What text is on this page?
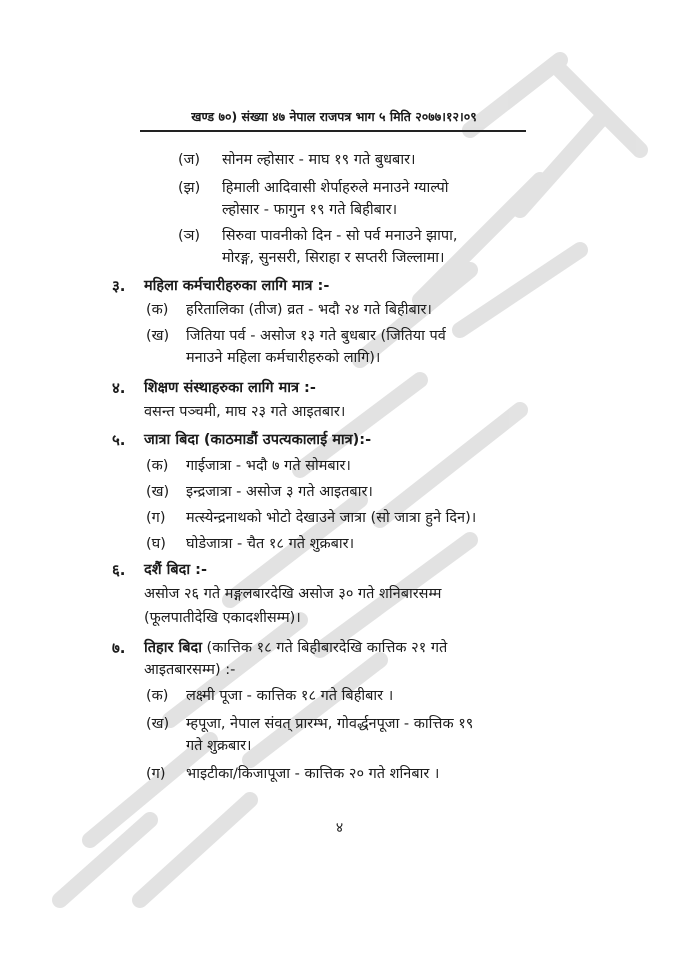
खण्ड ७०) संख्या ४७ नेपाल राजपत्र भाग ५ मिति २०७७।१२।०९
(ज) सोनम ल्होसार - माघ १९ गते बुधबार।
(झ) हिमाली आदिवासी शेर्पाहरुले मनाउने ग्याल्पो
ल्होसार - फागुन १९ गते बिहीबार।
(ञ) सिरुवा पावनीको दिन - सो पर्व मनाउने झापा,
मोरङ्ग, सुनसरी, सिराहा र सप्तरी जिल्लामा।
३. महिला कर्मचारीहरुका लागि मात्र :-
(क) हरितालिका (तीज) व्रत - भदौ २४ गते बिहीबार।
(ख) जितिया पर्व - असोज १३ गते बुधबार (जितिया पर्व
मनाउने महिला कर्मचारीहरुको लागि)।
४. शिक्षण संस्थाहरुका लागि मात्र :-
वसन्त पञ्चमी, माघ २३ गते आइतबार।
५. जात्रा बिदा (काठमाडौं उपत्यकालाई मात्र):-
(क) गाईजात्रा - भदौ ७ गते सोमबार।
(ख) इन्द्रजात्रा - असोज ३ गते आइतबार।
(ग) मत्स्येन्द्रनाथको भोटो देखाउने जात्रा (सो जात्रा हुने दिन)।
(घ) घोडेजात्रा - चैत १८ गते शुक्रबार।
६. दशैं बिदा :-
असोज २६ गते मङ्गलबारदेखि असोज ३० गते शनिबारसम्म
(फूलपातीदेखि एकादशीसम्म)।
७. तिहार बिदा (कात्तिक १८ गते बिहीबारदेखि कात्तिक २१ गते
आइतबारसम्म) :-
(क) लक्ष्मी पूजा - कात्तिक १८ गते बिहीबार ।
(ख) म्हपूजा, नेपाल संवत् प्रारम्भ, गोवर्द्धनपूजा - कात्तिक १९
गते शुक्रबार।
(ग) भाइटीका/किजापूजा - कात्तिक २० गते शनिबार ।
४
